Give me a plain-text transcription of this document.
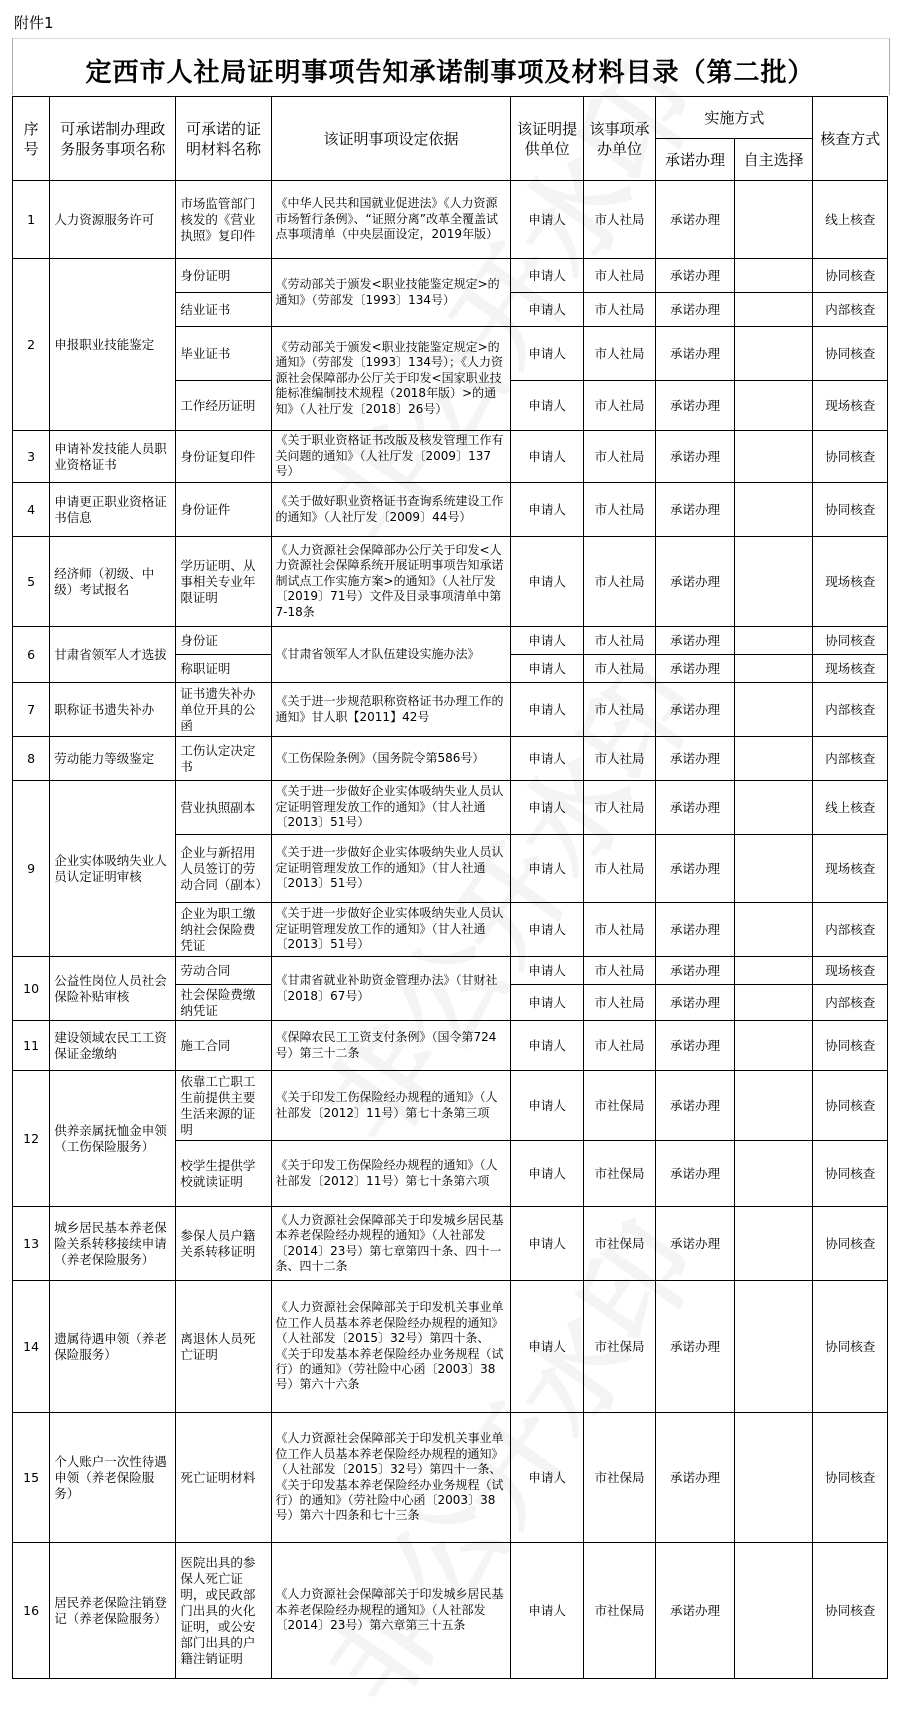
附件1
定西市人社局证明事项告知承诺制事项及材料目录（第二批）
序号	可承诺制办理政务服务事项名称	可承诺的证明材料名称	该证明事项设定依据	该证明提供单位	该事项承办单位	实施方式		核查方式
						承诺办理	自主选择	
1	人力资源服务许可	市场监管部门核发的《营业执照》复印件	《中华人民共和国就业促进法》《人力资源市场暂行条例》、“证照分离”改革全覆盖试点事项清单（中央层面设定，2019年版）	申请人	市人社局	承诺办理		线上核查
2	申报职业技能鉴定	身份证明	《劳动部关于颁发<职业技能鉴定规定>的通知》（劳部发〔1993〕134号）	申请人	市人社局	承诺办理		协同核查
		结业证书		申请人	市人社局	承诺办理		内部核查
		毕业证书	《劳动部关于颁发<职业技能鉴定规定>的通知》（劳部发〔1993〕134号）；《人力资源社会保障部办公厅关于印发<国家职业技能标准编制技术规程（2018年版）>的通知》（人社厅发〔2018〕26号）	申请人	市人社局	承诺办理		协同核查
		工作经历证明		申请人	市人社局	承诺办理		现场核查
3	申请补发技能人员职业资格证书	身份证复印件	《关于职业资格证书改版及核发管理工作有关问题的通知》（人社厅发〔2009〕137号）	申请人	市人社局	承诺办理		协同核查
4	申请更正职业资格证书信息	身份证件	《关于做好职业资格证书查询系统建设工作的通知》（人社厅发〔2009〕44号）	申请人	市人社局	承诺办理		协同核查
5	经济师（初级、中级）考试报名	学历证明、从事相关专业年限证明	《人力资源社会保障部办公厅关于印发<人力资源社会保障系统开展证明事项告知承诺制试点工作实施方案>的通知》（人社厅发〔2019〕71号）文件及目录事项清单中第7-18条	申请人	市人社局	承诺办理		现场核查
6	甘肃省领军人才选拔	身份证	《甘肃省领军人才队伍建设实施办法》	申请人	市人社局	承诺办理		协同核查
		称职证明		申请人	市人社局	承诺办理		现场核查
7	职称证书遗失补办	证书遗失补办单位开具的公函	《关于进一步规范职称资格证书办理工作的通知》甘人职【2011】42号	申请人	市人社局	承诺办理		内部核查
8	劳动能力等级鉴定	工伤认定决定书	《工伤保险条例》（国务院令第586号）	申请人	市人社局	承诺办理		内部核查
9	企业实体吸纳失业人员认定证明审核	营业执照副本	《关于进一步做好企业实体吸纳失业人员认定证明管理发放工作的通知》（甘人社通〔2013〕51号）	申请人	市人社局	承诺办理		线上核查
		企业与新招用人员签订的劳动合同（副本）	《关于进一步做好企业实体吸纳失业人员认定证明管理发放工作的通知》（甘人社通〔2013〕51号）	申请人	市人社局	承诺办理		现场核查
		企业为职工缴纳社会保险费凭证	《关于进一步做好企业实体吸纳失业人员认定证明管理发放工作的通知》（甘人社通〔2013〕51号）	申请人	市人社局	承诺办理		内部核查
10	公益性岗位人员社会保险补贴审核	劳动合同	《甘肃省就业补助资金管理办法》（甘财社〔2018〕67号）	申请人	市人社局	承诺办理		现场核查
		社会保险费缴纳凭证		申请人	市人社局	承诺办理		内部核查
11	建设领域农民工工资保证金缴纳	施工合同	《保障农民工工资支付条例》（国令第724号）第三十二条	申请人	市人社局	承诺办理		协同核查
12	供养亲属抚恤金申领（工伤保险服务）	依靠工亡职工生前提供主要生活来源的证明	《关于印发工伤保险经办规程的通知》（人社部发〔2012〕11号）第七十条第三项	申请人	市社保局	承诺办理		协同核查
		校学生提供学校就读证明	《关于印发工伤保险经办规程的通知》（人社部发〔2012〕11号）第七十条第六项	申请人	市社保局	承诺办理		协同核查
13	城乡居民基本养老保险关系转移接续申请（养老保险服务）	参保人员户籍关系转移证明	《人力资源社会保障部关于印发城乡居民基本养老保险经办规程的通知》（人社部发〔2014〕23号）第七章第四十条、四十一条、四十二条	申请人	市社保局	承诺办理		协同核查
14	遗属待遇申领（养老保险服务）	离退休人员死亡证明	《人力资源社会保障部关于印发机关事业单位工作人员基本养老保险经办规程的通知》（人社部发〔2015〕32号）第四十条、《关于印发基本养老保险经办业务规程（试行）的通知》（劳社险中心函〔2003〕38号）第六十六条	申请人	市社保局	承诺办理		协同核查
15	个人账户一次性待遇申领（养老保险服务）	死亡证明材料	《人力资源社会保障部关于印发机关事业单位工作人员基本养老保险经办规程的通知》（人社部发〔2015〕32号）第四十一条、《关于印发基本养老保险经办业务规程（试行）的通知》（劳社险中心函〔2003〕38号）第六十四条和七十三条	申请人	市社保局	承诺办理		协同核查
16	居民养老保险注销登记（养老保险服务）	医院出具的参保人死亡证明，或民政部门出具的火化证明，或公安部门出具的户籍注销证明	《人力资源社会保障部关于印发城乡居民基本养老保险经办规程的通知》（人社部发〔2014〕23号）第六章第三十五条	申请人	市社保局	承诺办理		协同核查
